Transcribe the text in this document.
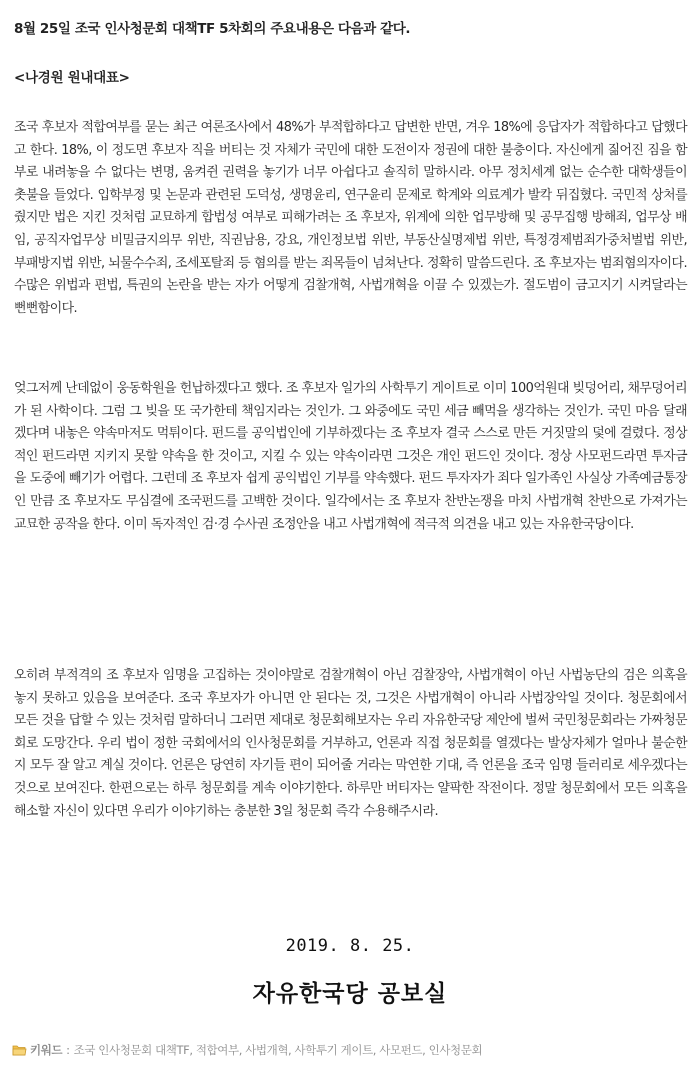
8월 25일 조국 인사청문회 대책TF 5차회의 주요내용은 다음과 같다.
<나경원 원내대표>

조국 후보자 적합여부를 묻는 최근 여론조사에서 48%가 부적합하다고 답변한 반면, 겨우 18%에 응답자가 적합하다고 답했다고 한다. 18%, 이 정도면 후보자 직을 버티는 것 자체가 국민에 대한 도전이자 정권에 대한 불충이다. 자신에게 짊어진 짐을 함부로 내려놓을 수 없다는 변명, 움켜쥔 권력을 놓기가 너무 아쉽다고 솔직히 말하시라. 아무 정치세계 없는 순수한 대학생들이 촛불을 들었다. 입학부정 및 논문과 관련된 도덕성, 생명윤리, 연구윤리 문제로 학계와 의료계가 발칵 뒤집혔다. 국민적 상처를 줬지만 법은 지킨 것처럼 교묘하게 합법성 여부로 피해가려는 조 후보자, 위계에 의한 업무방해 및 공무집행 방해죄, 업무상 배임, 공직자업무상 비밀금지의무 위반, 직권남용, 강요, 개인정보법 위반, 부동산실명제법 위반, 특정경제범죄가중처벌법 위반, 부패방지법 위반, 뇌물수수죄, 조세포탈죄 등 혐의를 받는 죄목들이 넘쳐난다. 정확히 말씀드린다. 조 후보자는 범죄혐의자이다. 수많은 위법과 편법, 특권의 논란을 받는 자가 어떻게 검찰개혁, 사법개혁을 이끌 수 있겠는가. 절도범이 금고지기 시켜달라는 뻔뻔함이다.

엊그저께 난데없이 웅동학원을 헌납하겠다고 했다. 조 후보자 일가의 사학투기 게이트로 이미 100억원대 빚덩어리, 채무덩어리가 된 사학이다. 그럼 그 빚을 또 국가한테 책임지라는 것인가. 그 와중에도 국민 세금 빼먹을 생각하는 것인가. 국민 마음 달래겠다며 내놓은 약속마저도 먹튀이다. 펀드를 공익법인에 기부하겠다는 조 후보자 결국 스스로 만든 거짓말의 덫에 걸렸다. 정상적인 펀드라면 지키지 못할 약속을 한 것이고, 지킬 수 있는 약속이라면 그것은 개인 펀드인 것이다. 정상 사모펀드라면 투자금을 도중에 빼기가 어렵다. 그런데 조 후보자 쉽게 공익법인 기부를 약속했다. 펀드 투자자가 죄다 일가족인 사실상 가족예금통장인 만큼 조 후보자도 무심결에 조국펀드를 고백한 것이다. 일각에서는 조 후보자 찬반논쟁을 마치 사법개혁 찬반으로 가져가는 교묘한 공작을 한다. 이미 독자적인 검·경 수사권 조정안을 내고 사법개혁에 적극적 의견을 내고 있는 자유한국당이다.

오히려 부적격의 조 후보자 임명을 고집하는 것이야말로 검찰개혁이 아닌 검찰장악, 사법개혁이 아닌 사법농단의 검은 의혹을 놓지 못하고 있음을 보여준다. 조국 후보자가 아니면 안 된다는 것, 그것은 사법개혁이 아니라 사법장악일 것이다. 청문회에서 모든 것을 답할 수 있는 것처럼 말하더니 그러면 제대로 청문회해보자는 우리 자유한국당 제안에 벌써 국민청문회라는 가짜청문회로 도망간다. 우리 법이 정한 국회에서의 인사청문회를 거부하고, 언론과 직접 청문회를 열겠다는 발상자체가 얼마나 불순한지 모두 잘 알고 계실 것이다. 언론은 당연히 자기들 편이 되어줄 거라는 막연한 기대, 즉 언론을 조국 임명 들러리로 세우겠다는 것으로 보여진다. 한편으로는 하루 청문회를 계속 이야기한다. 하루만 버티자는 얄팍한 작전이다. 정말 청문회에서 모든 의혹을 해소할 자신이 있다면 우리가 이야기하는 충분한 3일 청문회 즉각 수용해주시라.

2019. 8. 25.
자유한국당 공보실
키워드 : 조국 인사청문회 대책TF, 적합여부, 사법개혁, 사학투기 게이트, 사모펀드, 인사청문회
